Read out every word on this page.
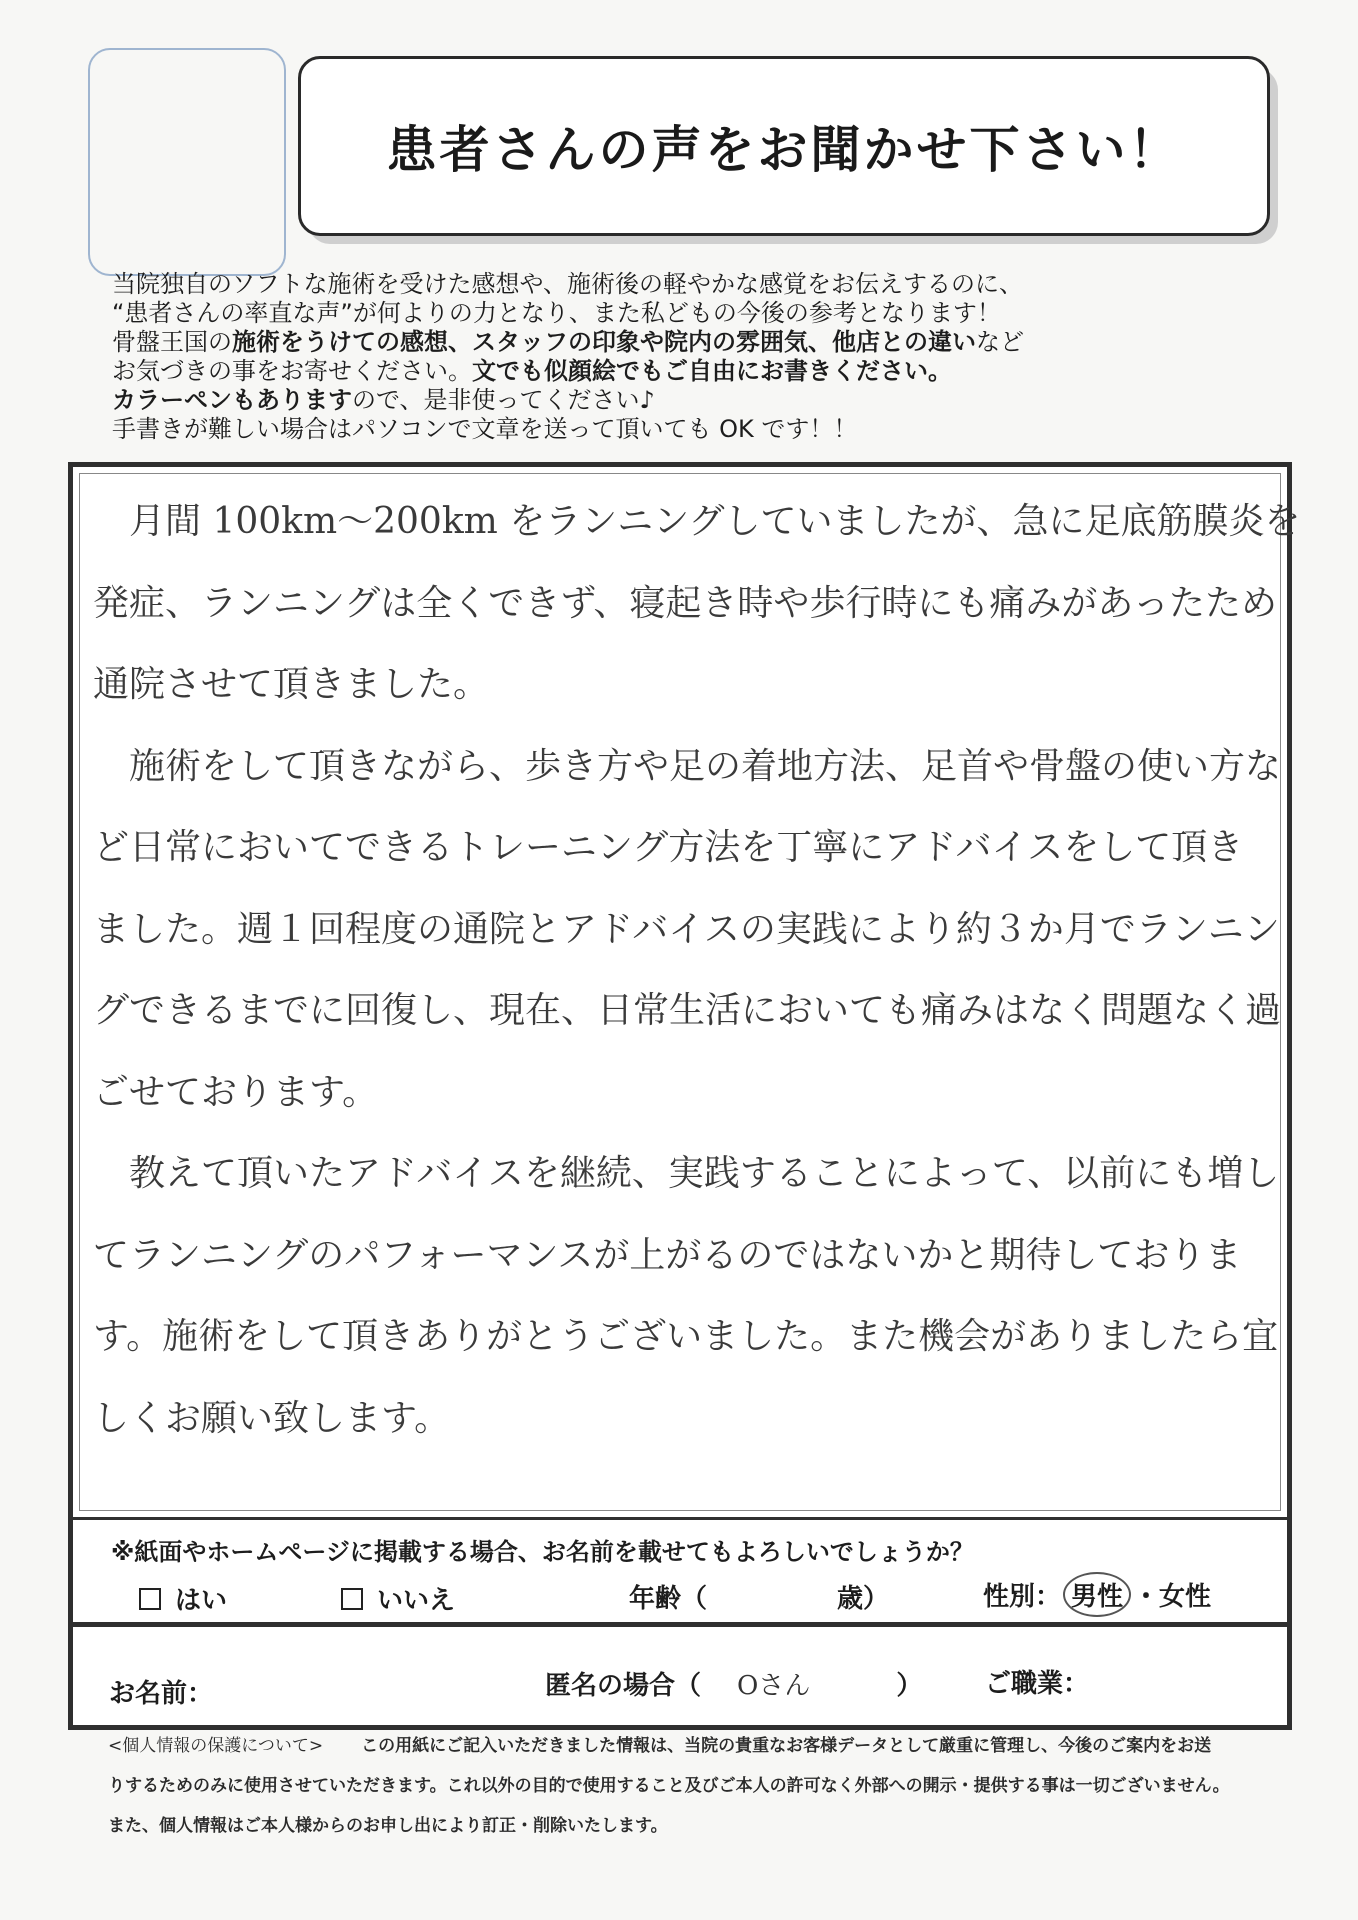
患者さんの声をお聞かせ下さい！
当院独自のソフトな施術を受けた感想や、施術後の軽やかな感覚をお伝えするのに、
“患者さんの率直な声”が何よりの力となり、また私どもの今後の参考となります！
骨盤王国の施術をうけての感想、スタッフの印象や院内の雰囲気、他店との違いなど
お気づきの事をお寄せください。文でも似顔絵でもご自由にお書きください。
カラーペンもありますので、是非使ってください♪
手書きが難しい場合はパソコンで文章を送って頂いても OK です！！
月間 100km～200km をランニングしていましたが、急に足底筋膜炎を
発症、ランニングは全くできず、寝起き時や歩行時にも痛みがあったため
通院させて頂きました。
施術をして頂きながら、歩き方や足の着地方法、足首や骨盤の使い方な
ど日常においてできるトレーニング方法を丁寧にアドバイスをして頂き
ました。週１回程度の通院とアドバイスの実践により約３か月でランニン
グできるまでに回復し、現在、日常生活においても痛みはなく問題なく過
ごせております。
教えて頂いたアドバイスを継続、実践することによって、以前にも増し
てランニングのパフォーマンスが上がるのではないかと期待しておりま
す。施術をして頂きありがとうございました。また機会がありましたら宜
しくお願い致します。
※紙面やホームページに掲載する場合、お名前を載せてもよろしいでしょうか？
はい	いいえ	年齢（	歳）	性別： 男性 ・女性
お名前：	匿名の場合（ Oさん	） ご職業：
<個人情報の保護について> この用紙にご記入いただきました情報は、当院の貴重なお客様データとして厳重に管理し、今後のご案内をお送
りするためのみに使用させていただきます。これ以外の目的で使用すること及びご本人の許可なく外部への開示・提供する事は一切ございません。
また、個人情報はご本人様からのお申し出により訂正・削除いたします。
